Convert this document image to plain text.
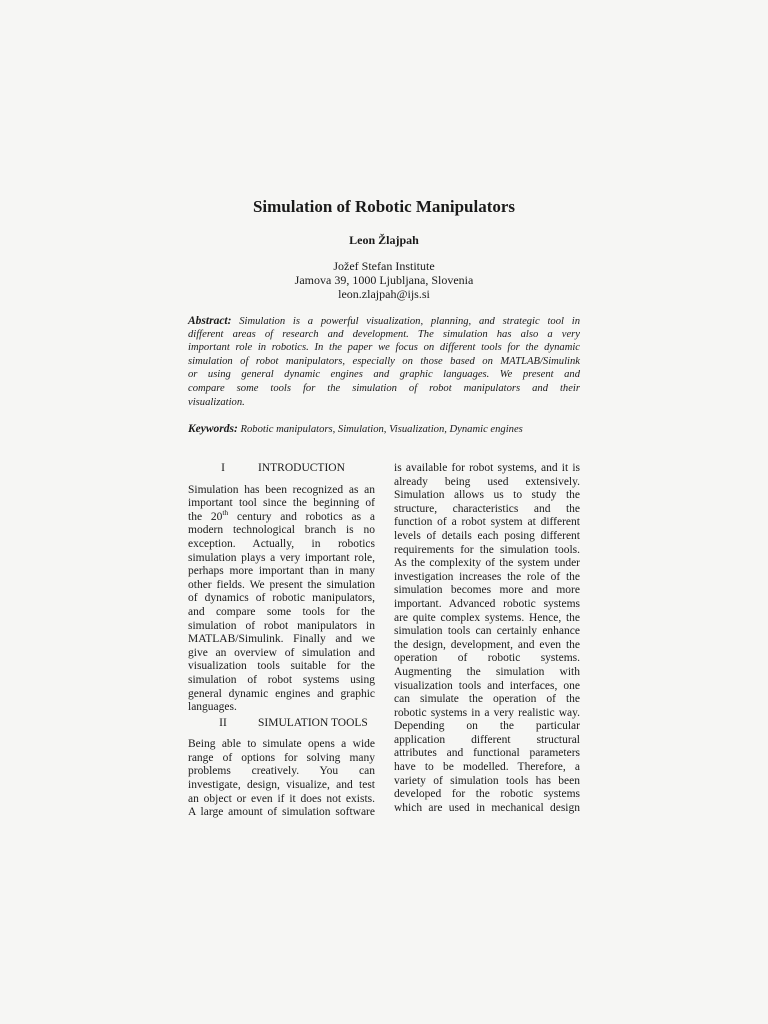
Simulation of Robotic Manipulators
Leon Žlajpah
Jožef Stefan Institute
Jamova 39, 1000 Ljubljana, Slovenia
leon.zlajpah@ijs.si
Abstract: Simulation is a powerful visualization, planning, and strategic tool in
different areas of research and development. The simulation has also a very
important role in robotics. In the paper we focus on different tools for the dynamic
simulation of robot manipulators, especially on those based on MATLAB/Simulink
or using general dynamic engines and graphic languages. We present and
compare some tools for the simulation of robot manipulators and their
visualization.
Keywords: Robotic manipulators, Simulation, Visualization, Dynamic engines
I	INTRODUCTION
Simulation has been recognized as an
important tool since the beginning of
the 20th century and robotics as a
modern technological branch is no
exception. Actually, in robotics
simulation plays a very important role,
perhaps more important than in many
other fields. We present the simulation
of dynamics of robotic manipulators,
and compare some tools for the
simulation of robot manipulators in
MATLAB/Simulink. Finally and we
give an overview of simulation and
visualization tools suitable for the
simulation of robot systems using
general dynamic engines and graphic
languages.
II	SIMULATION TOOLS
Being able to simulate opens a wide
range of options for solving many
problems creatively. You can
investigate, design, visualize, and test
an object or even if it does not exists.
A large amount of simulation software
is available for robot systems, and it is
already being used extensively.
Simulation allows us to study the
structure, characteristics and the
function of a robot system at different
levels of details each posing different
requirements for the simulation tools.
As the complexity of the system under
investigation increases the role of the
simulation becomes more and more
important. Advanced robotic systems
are quite complex systems. Hence, the
simulation tools can certainly enhance
the design, development, and even the
operation of robotic systems.
Augmenting the simulation with
visualization tools and interfaces, one
can simulate the operation of the
robotic systems in a very realistic way.
Depending on the particular
application different structural
attributes and functional parameters
have to be modelled. Therefore, a
variety of simulation tools has been
developed for the robotic systems
which are used in mechanical design
